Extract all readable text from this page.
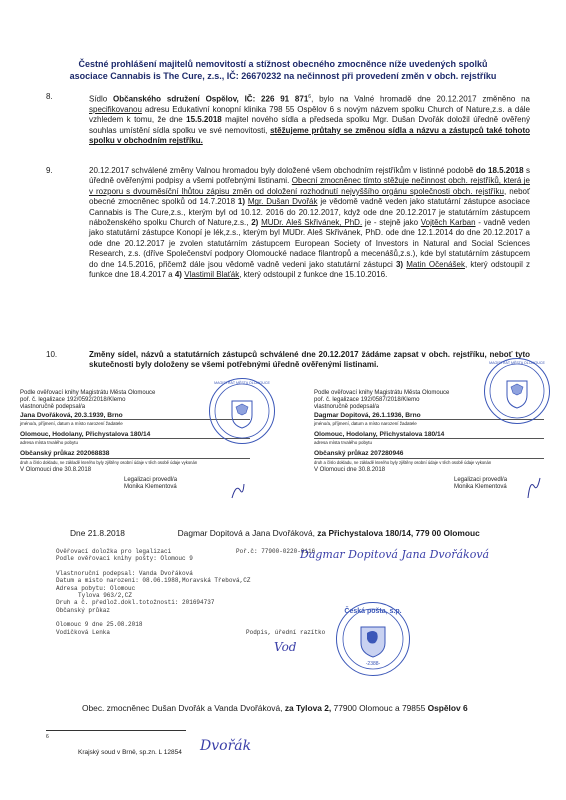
Čestné prohlášení majitelů nemovitostí a stížnost obecného zmocněnce níže uvedených spolků
asociace Cannabis is The Cure, z.s., IČ: 26670232 na nečinnost při provedení změn v obch. rejstříku
8.	Sídlo Občanského sdružení Ospělov, IČ: 226 91 $871^6$, bylo na Valné hromadě dne 20.12.2017 změněno na specifikovanou adresu Edukativní konopní klinika 798 55 Ospělov 6 s novým názvem spolku Church of Nature,z.s. a dále vzhledem k tomu, že dne 15.5.2018 majitel nového sídla a předseda spolku Mgr. Dušan Dvořák doložil úředně ověřený souhlas umístění sídla spolku ve své nemovitosti, stěžujeme průtahy se změnou sídla a názvu a zástupců také tohoto spolku v obchodním rejstříku.
9.	20.12.2017 schválené změny Valnou hromadou byly doložené všem obchodním rejstříkům v listinné podobě do 18.5.2018 s úředně ověřenými podpisy a všemi potřebnými listinami. Obecní zmocněnec tímto stěžuje nečinnost obch. rejstříků, která je v rozporu s dvouměsíční lhůtou zápisu změn od doložení rozhodnutí nejvyššího orgánu společnosti obch. rejstříku, neboť obecné zmocněnec spolků od 14.7.2018 1) Mgr. Dušan Dvořák je vědomě vadně veden jako statutární zástupce asociace Cannabis is The Cure,z.s., kterým byl od 10.12. 2016 do 20.12.2017, když ode dne 20.12.2017 je statutárním zástupcem náboženského spolku Church of Nature,z.s., 2) MUDr. Aleš Skřivánek, PhD. je - stejně jako Vojtěch Karban - vadně veden jako statutární zástupce Konopí je lék,z.s., kterým byl MUDr. Aleš Skřivánek, PhD. ode dne 12.1.2014 do dne 20.12.2017 a ode dne 20.12.2017 je zvolen statutárním zástupcem European Society of Investors in Natural and Social Sciences Research, z.s. (dříve Společenství podpory Olomoucké nadace filantropů a mecenášů,z.s.), kde byl statutárním zástupcem do dne 14.5.2016, přičemž dále jsou vědomě vadně vedeni jako statutární zástupci 3) Matin Očenášek, který odstoupil z funkce dne 18.4.2017 a 4) Vlastimil Blaťák, který odstoupil z funkce dne 15.10.2016.
10.	Změny sídel, názvů a statutárních zástupců schválené dne 20.12.2017 žádáme zapsat v obch. rejstříku, neboť tyto skutečnosti byly doloženy se všemi potřebnými úředně ověřenými listinami.
Podle ověřovací knihy Magistrátu Města Olomouce
poř. č. legalizace 192/0592/2018/Klemo
vlastnoručně podepsal/a
Jana Dvořáková, 20.3.1939, Brno
jméno/a, příjmení, datum a místo narození žadatele
Olomouc, Hodolany, Přichystalova 180/14
adresa místa trvalého pobytu
Občanský průkaz 202068838
druh a číslo dokladu, ne základě kterého byly zjištěny osobní údaje v těch osobě údaje vykonán
V Olomouci dne 30.8.2018
Legalizaci provedl/a
Monika Klementová
MAGISTRÁT MĚSTA OLOMOUCE
Podle ověřovací knihy Magistrátu Města Olomouce
poř. č. legalizace 192/0587/2018/Klemo
vlastnoručně podepsal/a
Dagmar Dopitová, 26.1.1936, Brno
jméno/a, příjmení, datum a místo narození žadatele
Olomouc, Hodolany, Přichystalova 180/14
adresa místa trvalého pobytu
Občanský průkaz 207280946
druh a číslo dokladu, ne základě kterého byly zjištěny osobní údaje v těch osobě údaje vykonán
V Olomouci dne 30.8.2018
Legalizaci provedl/a
Monika Klementová
MAGISTRÁT MĚSTA OLOMOUCE
Dne 21.8.2018	Dagmar Dopitová a Jana Dvořáková, za Přichystalova 180/14, 779 00 Olomouc
Ověřovací doložka pro legalizaci	Poř.č: 77900-0220-0116
Podle ověřovací knihy pošty: Olomouc 9
Vlastnoruční podepsal: Vanda Dvořáková
Datum a místo narození: 08.06.1988,Moravská Třebová,CZ
Adresa pobytu: Olomouc
Tylova 963/2,CZ
Druh a č. předlož.dokl.totožnosti: 201694737
Občanský průkaz
Olomouc 9 dne 25.08.2018
Vodičková Lenka	Podpis, úřední razítko
Česká pošta, s.p.
-2388-
Dagmar Dopitová Jana Dvořáková
Vod
Obec. zmocněnec Dušan Dvořák a Vanda Dvořáková, za Tylova 2, 77900 Olomouc a 79855 Ospělov 6
6
Krajský soud v Brně, sp.zn. L 12854 Dvořák
